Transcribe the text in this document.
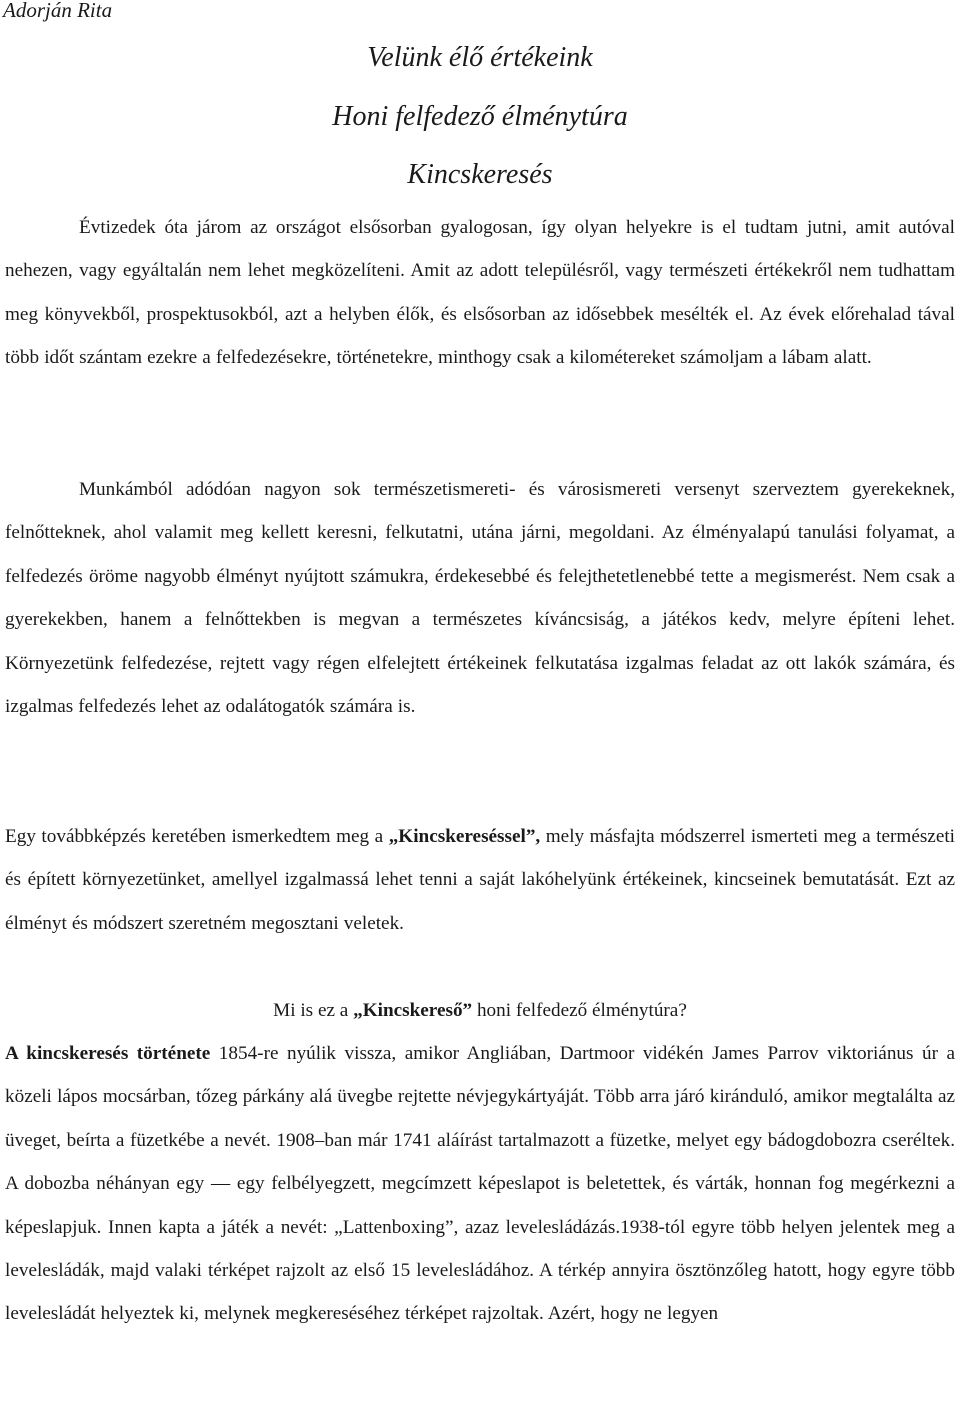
Adorján Rita
Velünk élő értékeink
Honi felfedező élménytúra
Kincskeresés

Évtizedek óta járom az országot elsősorban gyalogosan, így olyan helyekre is el tudtam jutni, amit autóval nehezen, vagy egyáltalán nem lehet megközelíteni. Amit az adott településről, vagy természeti értékekről nem tudhattam meg könyvekből, prospektusokból, azt a helyben élők, és elsősorban az idősebbek mesélték el. Az évek előrehalad tával több időt szántam ezekre a felfedezésekre, történetekre, minthogy csak a kilométereket számoljam a lábam alatt.

Munkámból adódóan nagyon sok természetismereti- és városismereti versenyt szerveztem gyerekeknek, felnőtteknek, ahol valamit meg kellett keresni, felkutatni, utána járni, megoldani. Az élményalapú tanulási folyamat, a felfedezés öröme nagyobb élményt nyújtott számukra, érdekesebbé és felejthetetlenebbé tette a megismerést. Nem csak a gyerekekben, hanem a felnőttekben is megvan a természetes kíváncsiság, a játékos kedv, melyre építeni lehet. Környezetünk felfedezése, rejtett vagy régen elfelejtett értékeinek felkutatása izgalmas feladat az ott lakók számára, és izgalmas felfedezés lehet az odalátogatók számára is.

Egy továbbképzés keretében ismerkedtem meg a „Kincskereséssel”, mely másfajta módszerrel ismerteti meg a természeti és épített környezetünket, amellyel izgalmassá lehet tenni a saját lakóhelyünk értékeinek, kincseinek bemutatását. Ezt az élményt és módszert szeretném megosztani veletek.

Mi is ez a „Kincskereső” honi felfedező élménytúra?

A kincskeresés története 1854-re nyúlik vissza, amikor Angliában, Dartmoor vidékén James Parrov viktoriánus úr a közeli lápos mocsárban, tőzeg párkány alá üvegbe rejtette névjegykártyáját. Több arra járó kiránduló, amikor megtalálta az üveget, beírta a füzetkébe a nevét. 1908–ban már 1741 aláírást tartalmazott a füzetke, melyet egy bádogdobozra cseréltek. A dobozba néhányan egy — egy felbélyegzett, megcímzett képeslapot is beletettek, és várták, honnan fog megérkezni a képeslapjuk. Innen kapta a játék a nevét: „Lattenboxing”, azaz levelesládázás.1938-tól egyre több helyen jelentek meg a levelesládák, majd valaki térképet rajzolt az első 15 levelesládához. A térkép annyira ösztönzőleg hatott, hogy egyre több levelesládát helyeztek ki, melynek megkereséséhez térképet rajzoltak. Azért, hogy ne legyen
